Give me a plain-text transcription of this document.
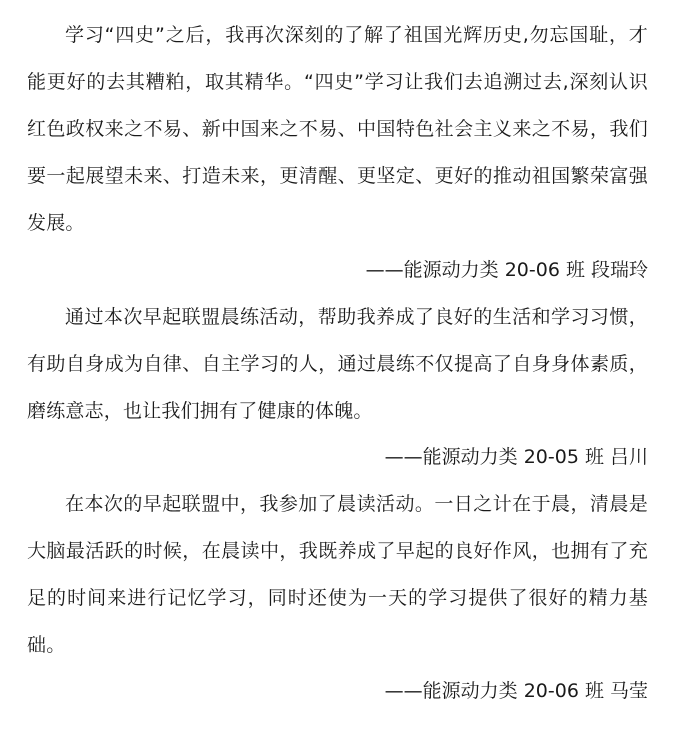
学习“四史”之后，我再次深刻的了解了祖国光辉历史,勿忘国耻，才能更好的去其糟粕，取其精华。“四史”学习让我们去追溯过去,深刻认识红色政权来之不易、新中国来之不易、中国特色社会主义来之不易，我们要一起展望未来、打造未来，更清醒、更坚定、更好的推动祖国繁荣富强发展。

——能源动力类 20-06 班 段瑞玲

通过本次早起联盟晨练活动，帮助我养成了良好的生活和学习习惯，有助自身成为自律、自主学习的人，通过晨练不仅提高了自身身体素质，磨练意志，也让我们拥有了健康的体魄。

——能源动力类 20-05 班 吕川

在本次的早起联盟中，我参加了晨读活动。一日之计在于晨，清晨是大脑最活跃的时候，在晨读中，我既养成了早起的良好作风，也拥有了充足的时间来进行记忆学习，同时还使为一天的学习提供了很好的精力基础。

——能源动力类 20-06 班 马莹
